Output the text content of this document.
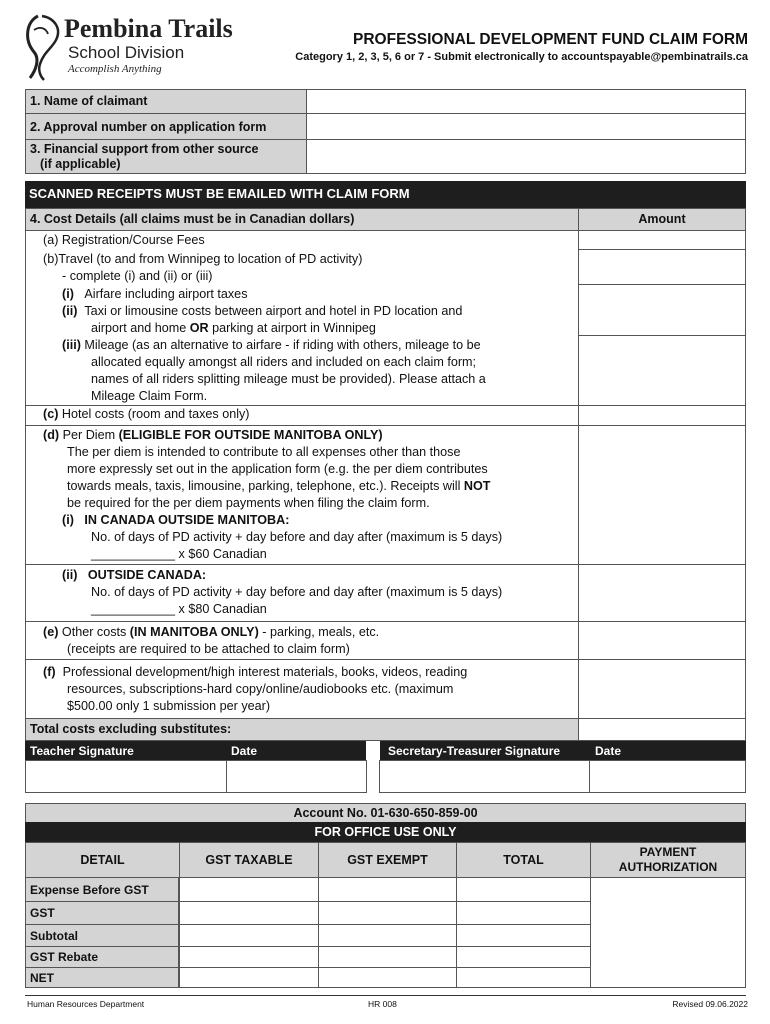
Pembina Trails
School Division
Accomplish Anything
PROFESSIONAL DEVELOPMENT FUND CLAIM FORM
Category 1, 2, 3, 5, 6 or 7 - Submit electronically to accountspayable@pembinatrails.ca
1. Name of claimant
2. Approval number on application form
3. Financial support from other source
(if applicable)
SCANNED RECEIPTS MUST BE EMAILED WITH CLAIM FORM
4. Cost Details (all claims must be in Canadian dollars)	Amount
(a) Registration/Course Fees
(b)Travel (to and from Winnipeg to location of PD activity)
- complete (i) and (ii) or (iii)
(i) Airfare including airport taxes
(ii) Taxi or limousine costs between airport and hotel in PD location and
airport and home OR parking at airport in Winnipeg
(iii) Mileage (as an alternative to airfare - if riding with others, mileage to be
allocated equally amongst all riders and included on each claim form;
names of all riders splitting mileage must be provided). Please attach a
Mileage Claim Form.
(c) Hotel costs (room and taxes only)
(d) Per Diem (ELIGIBLE FOR OUTSIDE MANITOBA ONLY)
The per diem is intended to contribute to all expenses other than those
more expressly set out in the application form (e.g. the per diem contributes
towards meals, taxis, limousine, parking, telephone, etc.). Receipts will NOT
be required for the per diem payments when filing the claim form.
(i) IN CANADA OUTSIDE MANITOBA:
No. of days of PD activity + day before and day after (maximum is 5 days)
____________ x $60 Canadian
(ii) OUTSIDE CANADA:
No. of days of PD activity + day before and day after (maximum is 5 days)
____________ x $80 Canadian
(e) Other costs (IN MANITOBA ONLY) - parking, meals, etc.
(receipts are required to be attached to claim form)
(f) Professional development/high interest materials, books, videos, reading
resources, subscriptions-hard copy/online/audiobooks etc. (maximum
$500.00 only 1 submission per year)
Total costs excluding substitutes:
Teacher Signature	Date	Secretary-Treasurer Signature	Date
Account No. 01-630-650-859-00
FOR OFFICE USE ONLY
DETAIL	GST TAXABLE	GST EXEMPT	TOTAL
PAYMENT
AUTHORIZATION
Expense Before GST
GST
Subtotal
GST Rebate
NET
Human Resources Department	HR 008	Revised 09.06.2022
